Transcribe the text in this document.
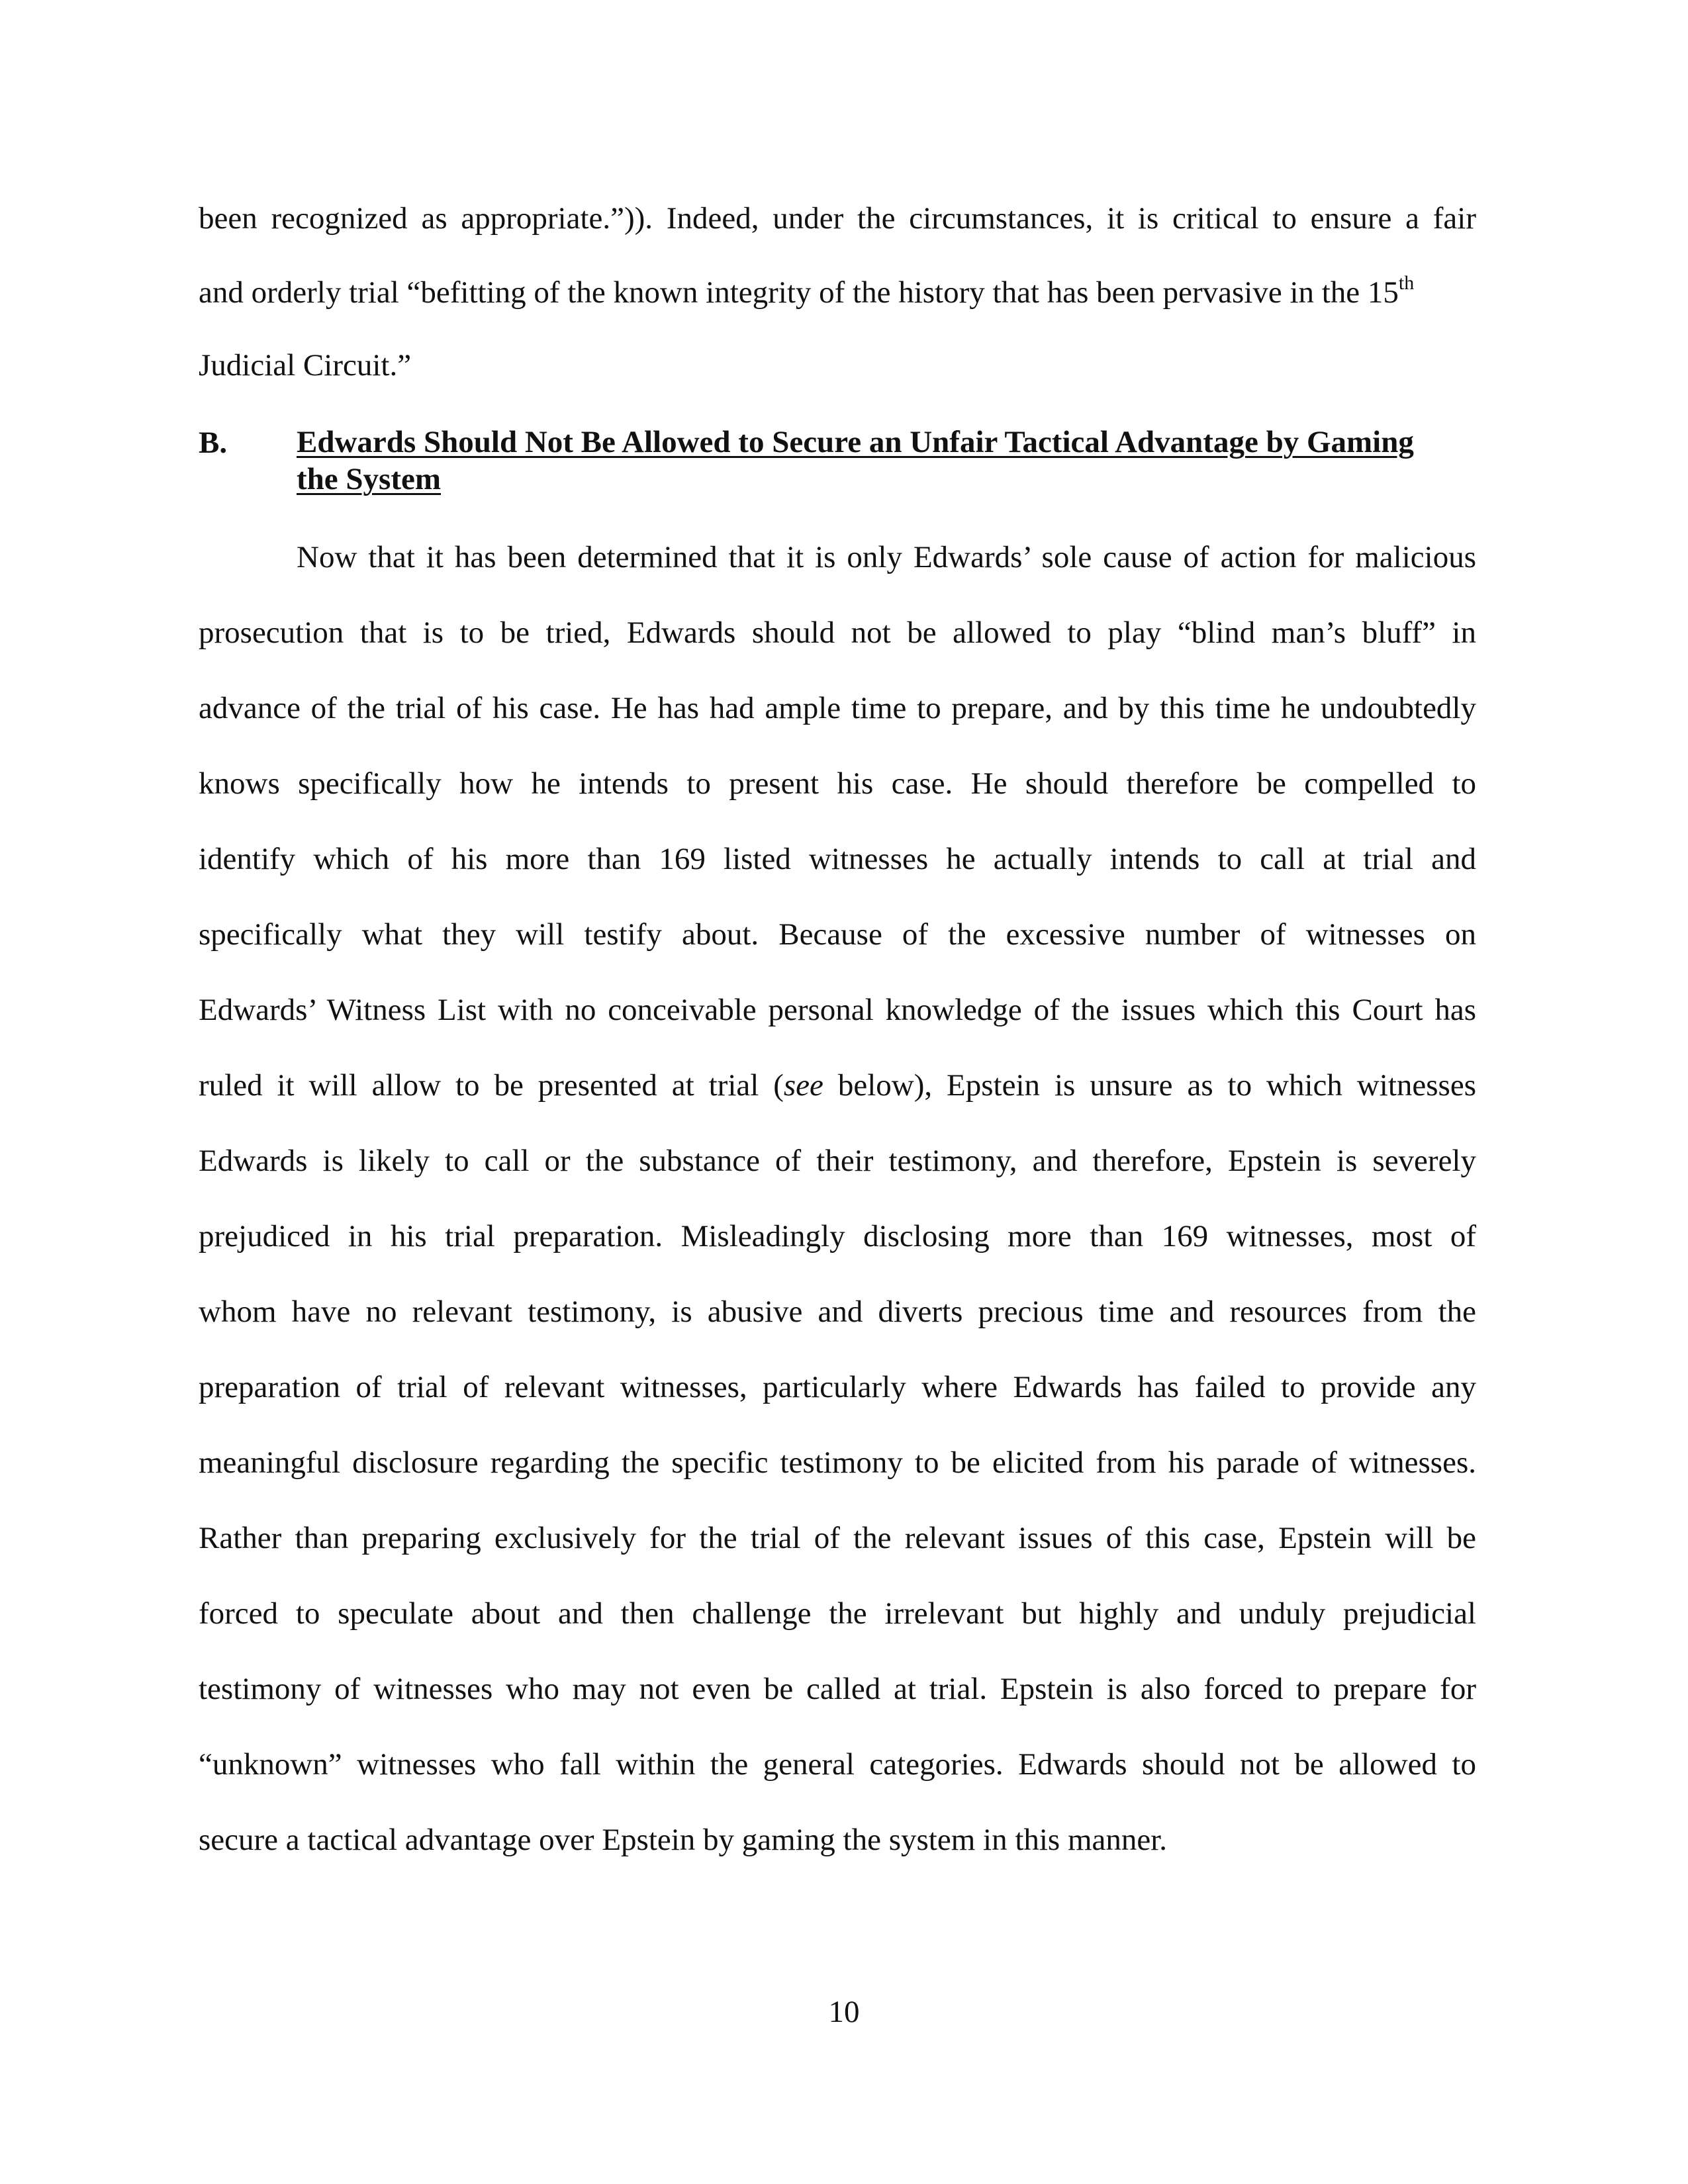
been recognized as appropriate.”)). Indeed, under the circumstances, it is critical to ensure a fair
and orderly trial “befitting of the known integrity of the history that has been pervasive in the 15th
Judicial Circuit.”
B. Edwards Should Not Be Allowed to Secure an Unfair Tactical Advantage by Gaming
the System
Now that it has been determined that it is only Edwards’ sole cause of action for malicious
prosecution that is to be tried, Edwards should not be allowed to play “blind man’s bluff” in
advance of the trial of his case. He has had ample time to prepare, and by this time he undoubtedly
knows specifically how he intends to present his case. He should therefore be compelled to
identify which of his more than 169 listed witnesses he actually intends to call at trial and
specifically what they will testify about. Because of the excessive number of witnesses on
Edwards’ Witness List with no conceivable personal knowledge of the issues which this Court has
ruled it will allow to be presented at trial (see below), Epstein is unsure as to which witnesses
Edwards is likely to call or the substance of their testimony, and therefore, Epstein is severely
prejudiced in his trial preparation. Misleadingly disclosing more than 169 witnesses, most of
whom have no relevant testimony, is abusive and diverts precious time and resources from the
preparation of trial of relevant witnesses, particularly where Edwards has failed to provide any
meaningful disclosure regarding the specific testimony to be elicited from his parade of witnesses.
Rather than preparing exclusively for the trial of the relevant issues of this case, Epstein will be
forced to speculate about and then challenge the irrelevant but highly and unduly prejudicial
testimony of witnesses who may not even be called at trial. Epstein is also forced to prepare for
“unknown” witnesses who fall within the general categories. Edwards should not be allowed to
secure a tactical advantage over Epstein by gaming the system in this manner.
10
